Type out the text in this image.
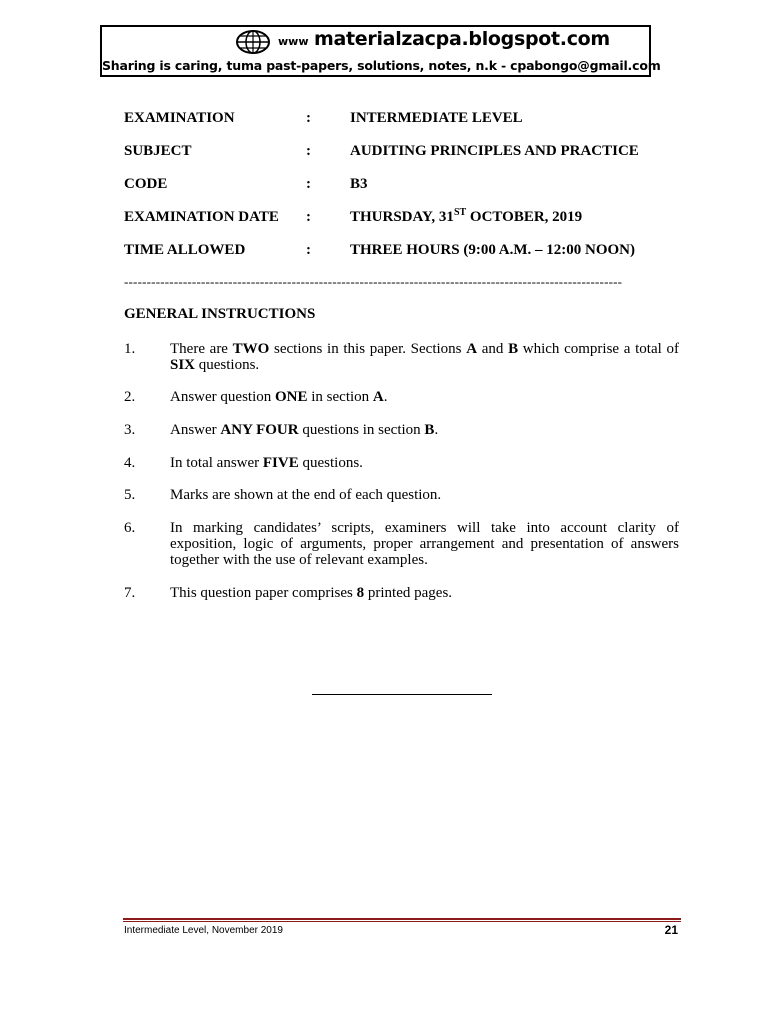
www materialzacpa.blogspot.com
Sharing is caring, tuma past-papers, solutions, notes, n.k - cpabongo@gmail.com
EXAMINATION	:	INTERMEDIATE LEVEL
SUBJECT	:	AUDITING PRINCIPLES AND PRACTICE
CODE	:	B3
EXAMINATION DATE :	THURSDAY, 31ST OCTOBER, 2019
TIME ALLOWED	:	THREE HOURS (9:00 A.M. – 12:00 NOON)
--------------------------------------------------------------------------------------------------------------
GENERAL INSTRUCTIONS
1. There are TWO sections in this paper. Sections A and B which comprise a total of SIX questions.
2. Answer question ONE in section A.
3. Answer ANY FOUR questions in section B.
4. In total answer FIVE questions.
5. Marks are shown at the end of each question.
6. In marking candidates’ scripts, examiners will take into account clarity of exposition, logic of arguments, proper arrangement and presentation of answers together with the use of relevant examples.
7. This question paper comprises 8 printed pages.
Intermediate Level, November 2019	21
